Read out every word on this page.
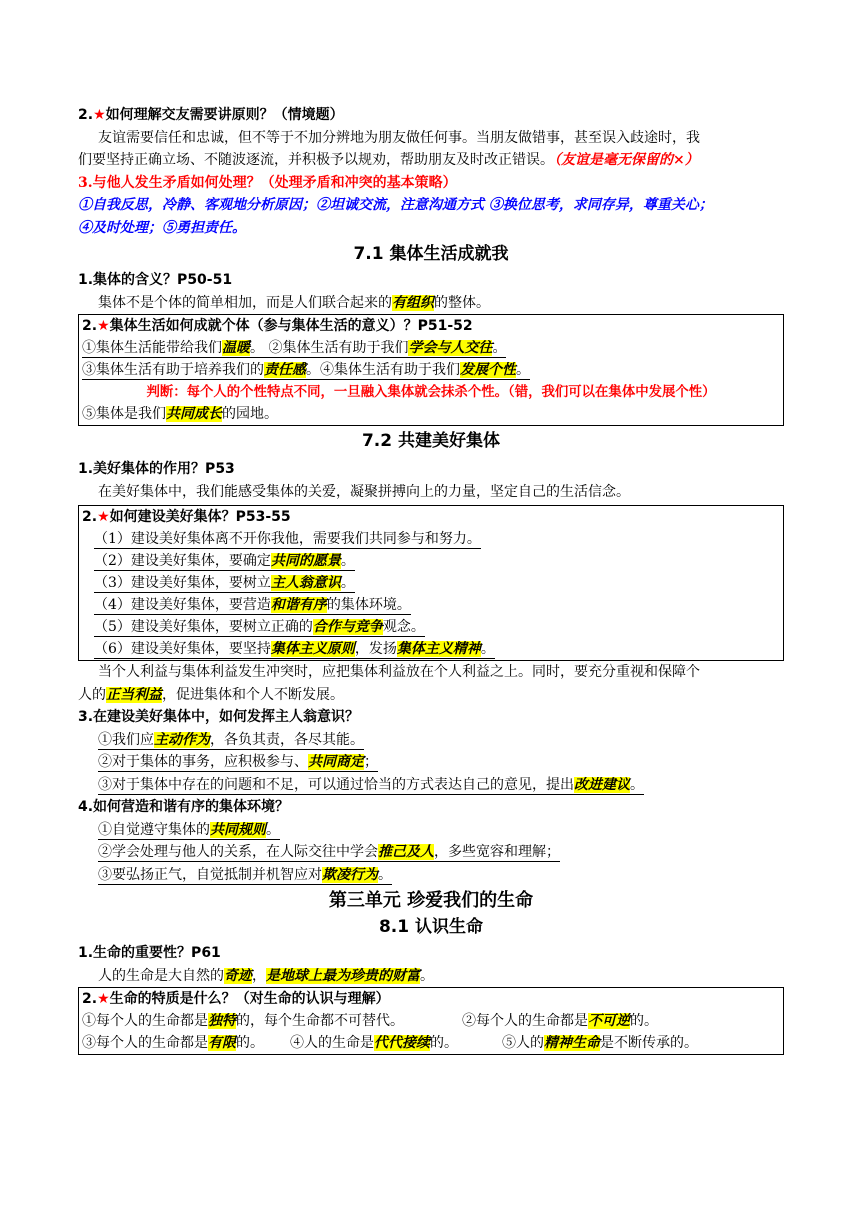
2.★如何理解交友需要讲原则？（情境题）
友谊需要信任和忠诚，但不等于不加分辨地为朋友做任何事。当朋友做错事，甚至误入歧途时，我
们要坚持正确立场、不随波逐流，并积极予以规劝，帮助朋友及时改正错误。（友谊是毫无保留的×）
3.与他人发生矛盾如何处理？（处理矛盾和冲突的基本策略）
①自我反思，冷静、客观地分析原因；②坦诚交流，注意沟通方式 ③换位思考，求同存异，尊重关心；
④及时处理；⑤勇担责任。
7.1 集体生活成就我
1.集体的含义？P50-51
集体不是个体的简单相加，而是人们联合起来的有组织的整体。
2.★集体生活如何成就个体（参与集体生活的意义）？P51-52
①集体生活能带给我们温暖。 ②集体生活有助于我们学会与人交往。
③集体生活有助于培养我们的责任感。④集体生活有助于我们发展个性。
判断：每个人的个性特点不同，一旦融入集体就会抹杀个性。（错，我们可以在集体中发展个性）
⑤集体是我们共同成长的园地。
7.2 共建美好集体
1.美好集体的作用？P53
在美好集体中，我们能感受集体的关爱，凝聚拼搏向上的力量，坚定自己的生活信念。
2.★如何建设美好集体？P53-55
（1）建设美好集体离不开你我他，需要我们共同参与和努力。
（2）建设美好集体，要确定共同的愿景。
（3）建设美好集体，要树立主人翁意识。
（4）建设美好集体，要营造和谐有序的集体环境。
（5）建设美好集体，要树立正确的合作与竞争观念。
（6）建设美好集体，要坚持集体主义原则，发扬集体主义精神。
当个人利益与集体利益发生冲突时，应把集体利益放在个人利益之上。同时，要充分重视和保障个
人的正当利益，促进集体和个人不断发展。
3.在建设美好集体中，如何发挥主人翁意识？
①我们应主动作为，各负其责，各尽其能。
②对于集体的事务，应积极参与、共同商定；
③对于集体中存在的问题和不足，可以通过恰当的方式表达自己的意见，提出改进建议。
4.如何营造和谐有序的集体环境？
①自觉遵守集体的共同规则。
②学会处理与他人的关系，在人际交往中学会推己及人，多些宽容和理解；
③要弘扬正气，自觉抵制并机智应对欺凌行为。
第三单元 珍爱我们的生命
8.1 认识生命
1.生命的重要性？P61
人的生命是大自然的奇迹，是地球上最为珍贵的财富。
2.★生命的特质是什么？（对生命的认识与理解）
①每个人的生命都是独特的，每个生命都不可替代。	②每个人的生命都是不可逆的。
③每个人的生命都是有限的。 ④人的生命是代代接续的。	⑤人的精神生命是不断传承的。
